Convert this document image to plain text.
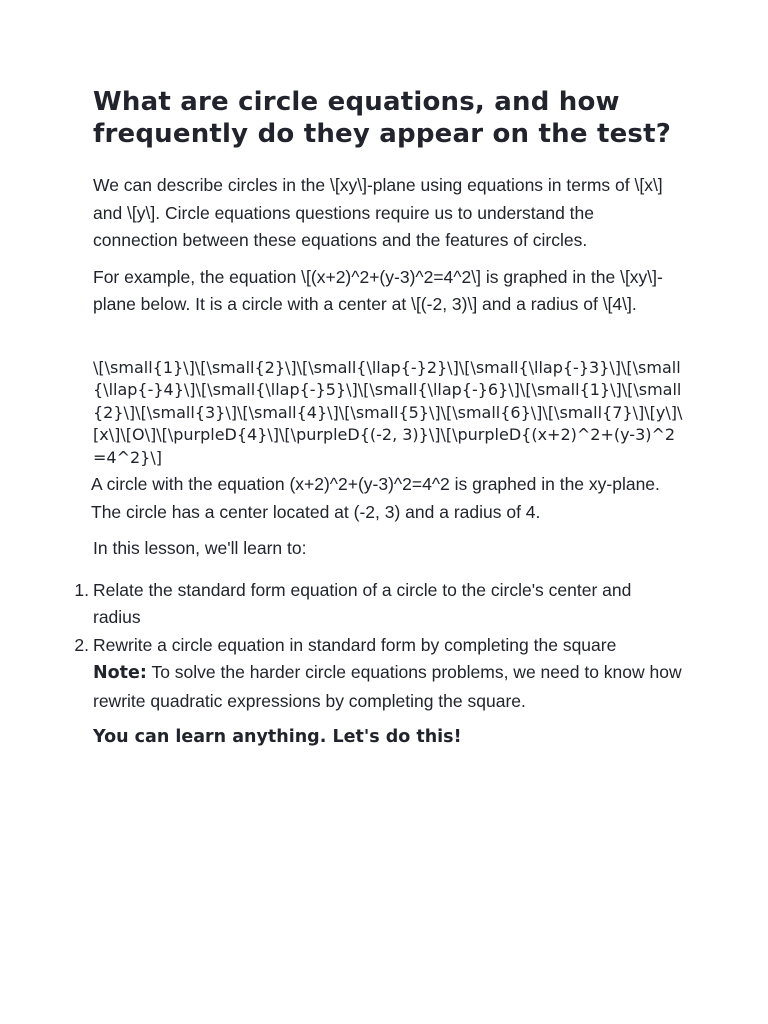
What are circle equations, and how frequently do they appear on the test?

We can describe circles in the \[xy\]-plane using equations in terms of \[x\] and \[y\]. Circle equations questions require us to understand the connection between these equations and the features of circles.

For example, the equation \[(x+2)^2+(y-3)^2=4^2\] is graphed in the \[xy\]-plane below. It is a circle with a center at \[(-2, 3)\] and a radius of \[4\].

\[\small{1}\]\[\small{2}\]\[\small{\llap{-}2}\]\[\small{\llap{-}3}\]\[\small{\llap{-}4}\]\[\small{\llap{-}5}\]\[\small{\llap{-}6}\]\[\small{1}\]\[\small{2}\]\[\small{3}\]\[\small{4}\]\[\small{5}\]\[\small{6}\]\[\small{7}\]\[y\]\[x\]\[O\]\[\purpleD{4}\]\[\purpleD{(-2, 3)}\]\[\purpleD{(x+2)^2+(y-3)^2=4^2}\]

A circle with the equation (x+2)^2+(y-3)^2=4^2 is graphed in the xy-plane. The circle has a center located at (-2, 3) and a radius of 4.

In this lesson, we'll learn to:

1. Relate the standard form equation of a circle to the circle's center and radius
2. Rewrite a circle equation in standard form by completing the square

Note: To solve the harder circle equations problems, we need to know how rewrite quadratic expressions by completing the square.

You can learn anything. Let's do this!
